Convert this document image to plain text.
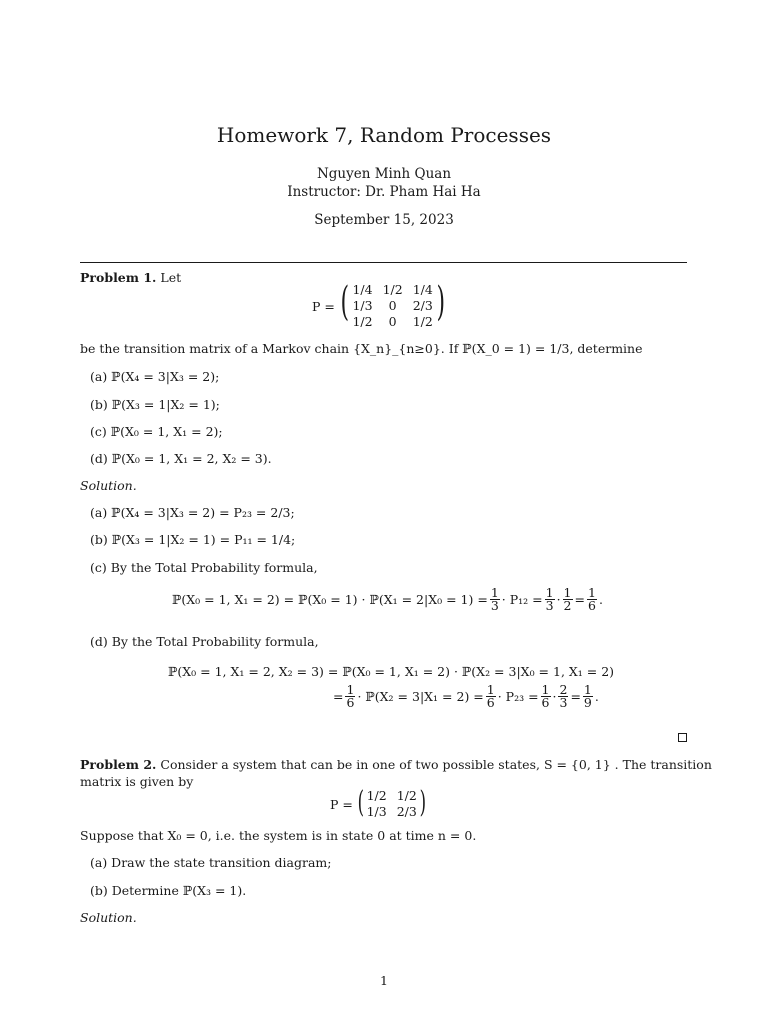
Homework 7, Random Processes
Nguyen Minh Quan
Instructor: Dr. Pham Hai Ha
September 15, 2023
Problem 1. Let
P = ( 1/4 1/2 1/4
1/3	0	2/3
1/2	0	1/2 )
be the transition matrix of a Markov chain {X_n}_{n≥0}. If ℙ(X_0 = 1) = 1/3, determine
(a) ℙ(X₄ = 3|X₃ = 2);
(b) ℙ(X₃ = 1|X₂ = 1);
(c) ℙ(X₀ = 1, X₁ = 2);
(d) ℙ(X₀ = 1, X₁ = 2, X₂ = 3).
Solution.
(a) ℙ(X₄ = 3|X₃ = 2) = P₂₃ = 2/3;
(b) ℙ(X₃ = 1|X₂ = 1) = P₁₁ = 1/4;
(c) By the Total Probability formula,
ℙ(X₀ = 1, X₁ = 2) = ℙ(X₀ = 1) · ℙ(X₁ = $2|X_0 = 1) = \frac{1}{3} \cdot P_{12} = \frac{1}{3} \cdot \frac{1}{2} = \frac{1}{6}$ .
(d) By the Total Probability formula,
ℙ(X₀ = 1, X₁ = 2, X₂ = 3) = ℙ(X₀ = 1, X₁ = 2) · ℙ(X₂ = 3|X₀ = 1, X₁ = 2)
= $\frac{1}{6}$ · ℙ(X₂ = $3|X_1 = 2) = \frac{1}{6} \cdot P_{23} = \frac{1}{6} \cdot \frac{2}{3} = \frac{1}{9}$ .
Problem 2. Consider a system that can be in one of two possible states, S = {0, 1} . The transition
matrix is given by
P = ( 1/2 1/2
1/3 2/3 )
Suppose that X₀ = 0, i.e. the system is in state 0 at time n = 0.
(a) Draw the state transition diagram;
(b) Determine ℙ(X₃ = 1).
Solution.
1
